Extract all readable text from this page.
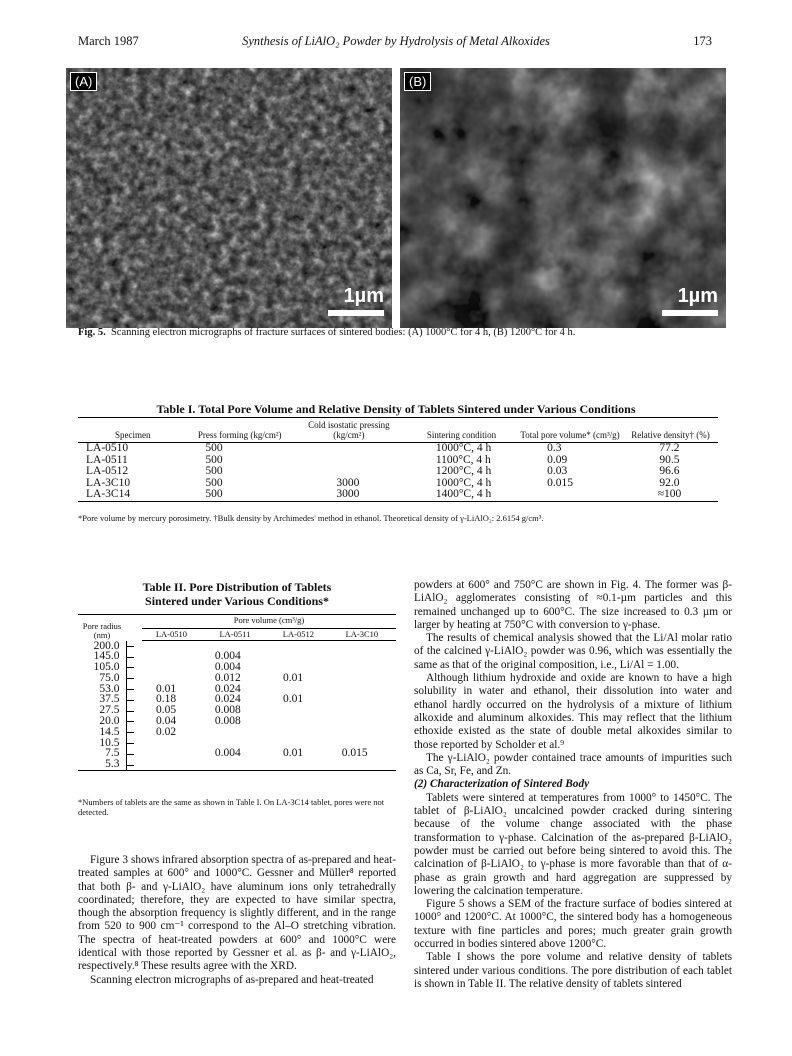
March 1987	Synthesis of LiAlO₂ Powder by Hydrolysis of Metal Alkoxides	173
(A)
1µm
(B)
1µm
Fig. 5. Scanning electron micrographs of fracture surfaces of sintered bodies: (A) 1000°C for 4 h, (B) 1200°C for 4 h.
Table I. Total Pore Volume and Relative Density of Tablets Sintered under Various Conditions
Specimen	Press forming (kg/cm²)	Cold isostatic pressing (kg/cm²)	Sintering condition	Total pore volume* (cm³/g)	Relative density† (%)
LA-0510	500		1000°C, 4 h	0.3	77.2
LA-0511	500		1100°C, 4 h	0.09	90.5
LA-0512	500		1200°C, 4 h	0.03	96.6
LA-3C10	500	3000	1000°C, 4 h	0.015	92.0
LA-3C14	500	3000	1400°C, 4 h		≈100
*Pore volume by mercury porosimetry. †Bulk density by Archimedes' method in ethanol. Theoretical density of γ-LiAlO₂: 2.6154 g/cm³.
Table II. Pore Distribution of Tablets
Sintered under Various Conditions*
Pore radius (nm)		Pore volume (cm³/g)			
		LA-0510	LA-0511	LA-0512	LA-3C10
200.0					
145.0			0.004		
105.0			0.004		
75.0			0.012	0.01	
53.0		0.01	0.024		
37.5		0.18	0.024	0.01	
27.5		0.05	0.008		
20.0		0.04	0.008		
14.5		0.02			
10.5					
7.5			0.004	0.01	0.015
5.3					
*Numbers of tablets are the same as shown in Table I. On LA-3C14 tablet, pores were not detected.

Figure 3 shows infrared absorption spectra of as-prepared and heat-treated samples at 600° and 1000°C. Gessner and Müller⁸ reported that both β- and γ-LiAlO₂ have aluminum ions only tetrahedrally coordinated; therefore, they are expected to have similar spectra, though the absorption frequency is slightly different, and in the range from 520 to 900 cm⁻¹ correspond to the Al–O stretching vibration. The spectra of heat-treated powders at 600° and 1000°C were identical with those reported by Gessner et al. as β- and γ-LiAlO₂, respectively.⁸ These results agree with the XRD.

Scanning electron micrographs of as-prepared and heat-treated

powders at 600° and 750°C are shown in Fig. 4. The former was β-LiAlO₂ agglomerates consisting of ≈0.1-µm particles and this remained unchanged up to 600°C. The size increased to 0.3 µm or larger by heating at 750°C with conversion to γ-phase.

The results of chemical analysis showed that the Li/Al molar ratio of the calcined γ-LiAlO₂ powder was 0.96, which was essentially the same as that of the original composition, i.e., Li/Al = 1.00.

Although lithium hydroxide and oxide are known to have a high solubility in water and ethanol, their dissolution into water and ethanol hardly occurred on the hydrolysis of a mixture of lithium alkoxide and aluminum alkoxides. This may reflect that the lithium ethoxide existed as the state of double metal alkoxides similar to those reported by Scholder et al.⁹

The γ-LiAlO₂ powder contained trace amounts of impurities such as Ca, Sr, Fe, and Zn.

(2) Characterization of Sintered Body

Tablets were sintered at temperatures from 1000° to 1450°C. The tablet of β-LiAlO₂ uncalcined powder cracked during sintering because of the volume change associated with the phase transformation to γ-phase. Calcination of the as-prepared β-LiAlO₂ powder must be carried out before being sintered to avoid this. The calcination of β-LiAlO₂ to γ-phase is more favorable than that of α-phase as grain growth and hard aggregation are suppressed by lowering the calcination temperature.

Figure 5 shows a SEM of the fracture surface of bodies sintered at 1000° and 1200°C. At 1000°C, the sintered body has a homogeneous texture with fine particles and pores; much greater grain growth occurred in bodies sintered above 1200°C.

Table I shows the pore volume and relative density of tablets sintered under various conditions. The pore distribution of each tablet is shown in Table II. The relative density of tablets sintered
